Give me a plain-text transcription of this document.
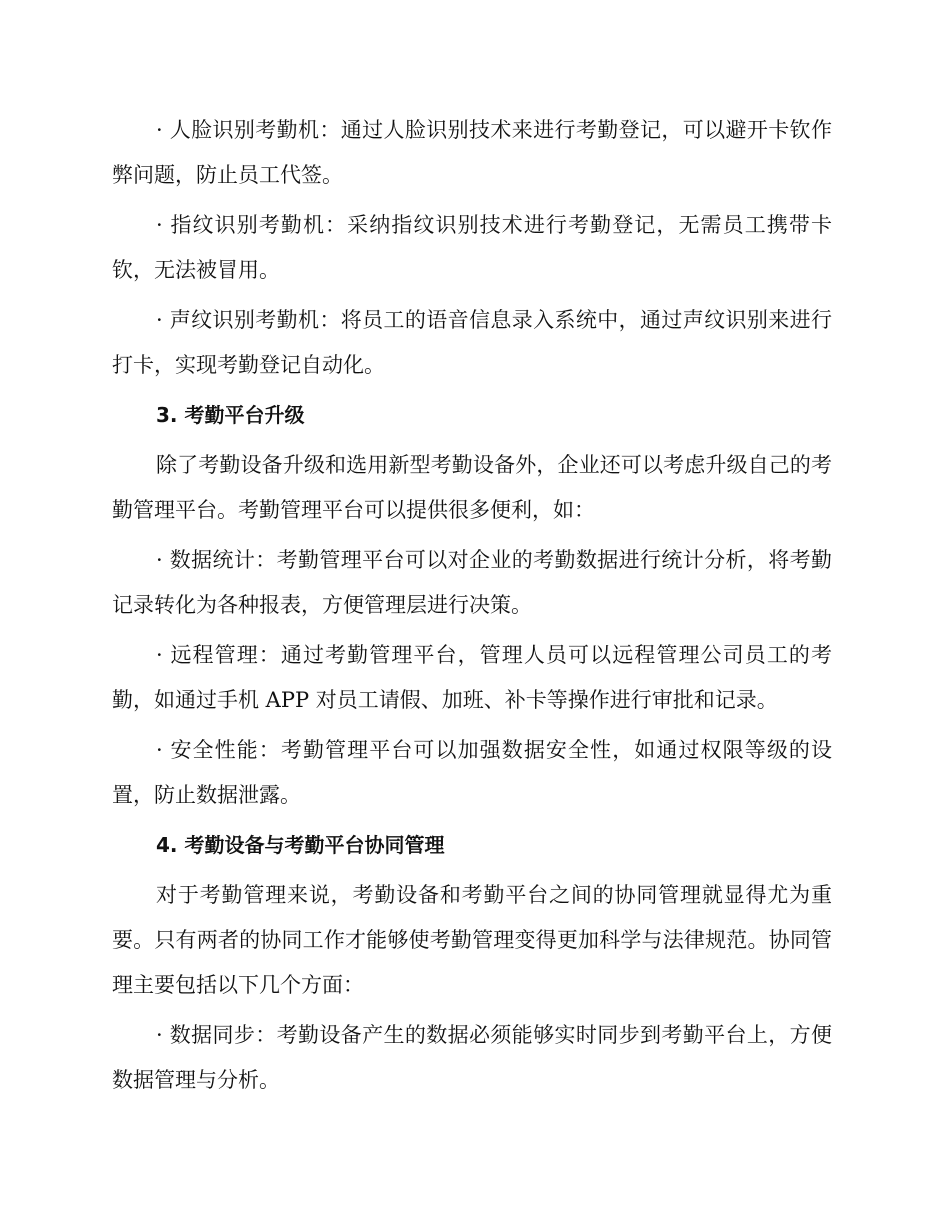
· 人脸识别考勤机：通过人脸识别技术来进行考勤登记，可以避开卡钦作弊问题，防止员工代签。

· 指纹识别考勤机：采纳指纹识别技术进行考勤登记，无需员工携带卡钦，无法被冒用。

· 声纹识别考勤机：将员工的语音信息录入系统中，通过声纹识别来进行打卡，实现考勤登记自动化。

3. 考勤平台升级

除了考勤设备升级和选用新型考勤设备外，企业还可以考虑升级自己的考勤管理平台。考勤管理平台可以提供很多便利，如：

· 数据统计：考勤管理平台可以对企业的考勤数据进行统计分析，将考勤记录转化为各种报表，方便管理层进行决策。

· 远程管理：通过考勤管理平台，管理人员可以远程管理公司员工的考勤，如通过手机 APP 对员工请假、加班、补卡等操作进行审批和记录。

· 安全性能：考勤管理平台可以加强数据安全性，如通过权限等级的设置，防止数据泄露。

4. 考勤设备与考勤平台协同管理

对于考勤管理来说，考勤设备和考勤平台之间的协同管理就显得尤为重要。只有两者的协同工作才能够使考勤管理变得更加科学与法律规范。协同管理主要包括以下几个方面：

· 数据同步：考勤设备产生的数据必须能够实时同步到考勤平台上，方便数据管理与分析。
